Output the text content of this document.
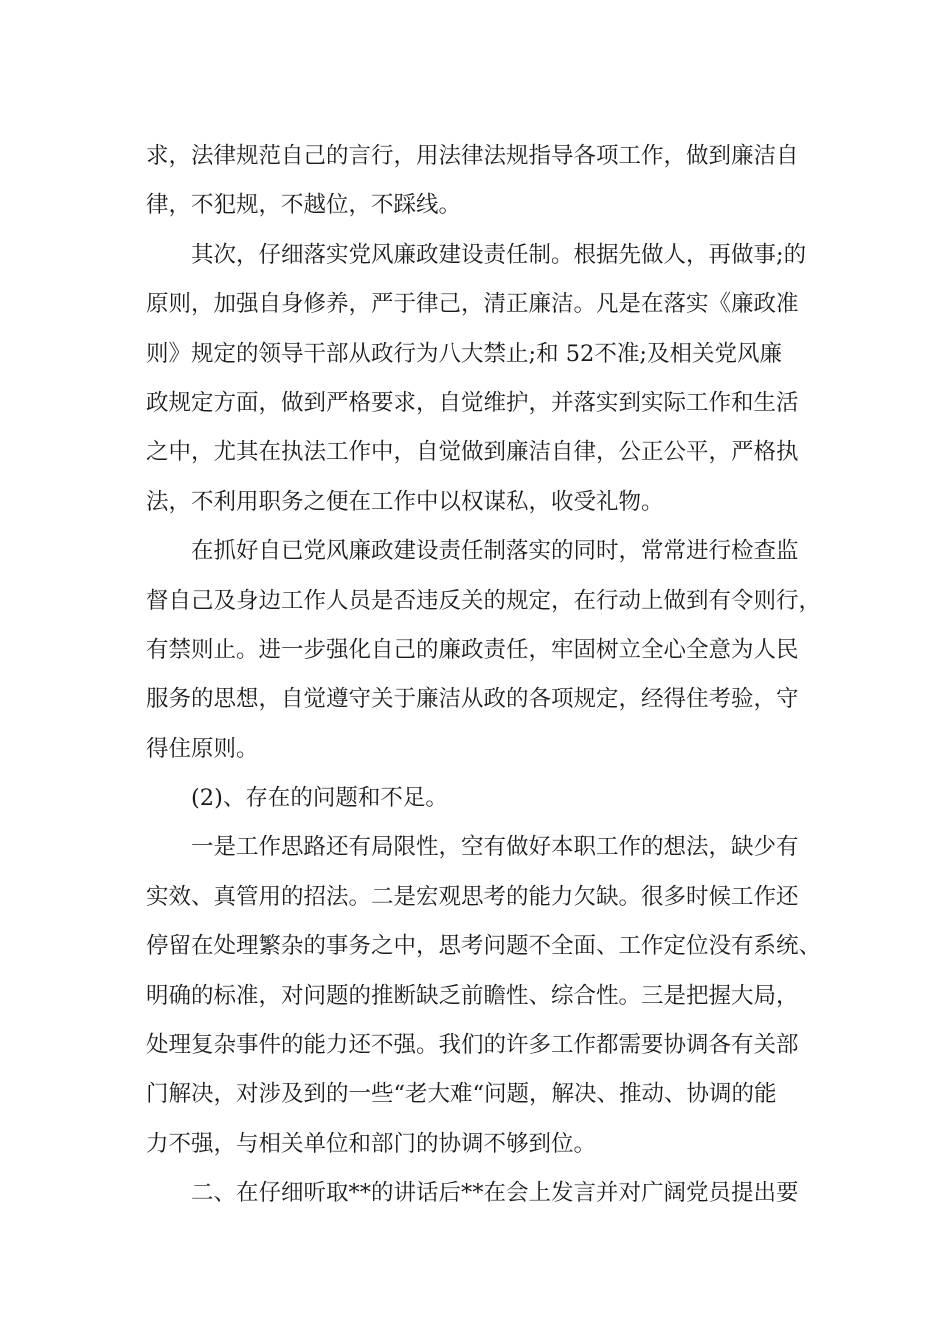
求，法律规范自己的言行，用法律法规指导各项工作，做到廉洁自
律，不犯规，不越位，不踩线。
　　其次，仔细落实党风廉政建设责任制。根据先做人，再做事;的
原则，加强自身修养，严于律己，清正廉洁。凡是在落实《廉政准
则》规定的领导干部从政行为八大禁止;和 52不准;及相关党风廉
政规定方面，做到严格要求，自觉维护，并落实到实际工作和生活
之中，尤其在执法工作中，自觉做到廉洁自律，公正公平，严格执
法，不利用职务之便在工作中以权谋私，收受礼物。
　　在抓好自已党风廉政建设责任制落实的同时，常常进行检查监
督自己及身边工作人员是否违反关的规定，在行动上做到有令则行，
有禁则止。进一步强化自己的廉政责任，牢固树立全心全意为人民
服务的思想，自觉遵守关于廉洁从政的各项规定，经得住考验，守
得住原则。
　　(2)、存在的问题和不足。
　　一是工作思路还有局限性，空有做好本职工作的想法，缺少有
实效、真管用的招法。二是宏观思考的能力欠缺。很多时候工作还
停留在处理繁杂的事务之中，思考问题不全面、工作定位没有系统、
明确的标准，对问题的推断缺乏前瞻性、综合性。三是把握大局，
处理复杂事件的能力还不强。我们的许多工作都需要协调各有关部
门解决，对涉及到的一些“老大难“问题，解决、推动、协调的能
力不强，与相关单位和部门的协调不够到位。
　　二、在仔细听取**的讲话后**在会上发言并对广阔党员提出要
